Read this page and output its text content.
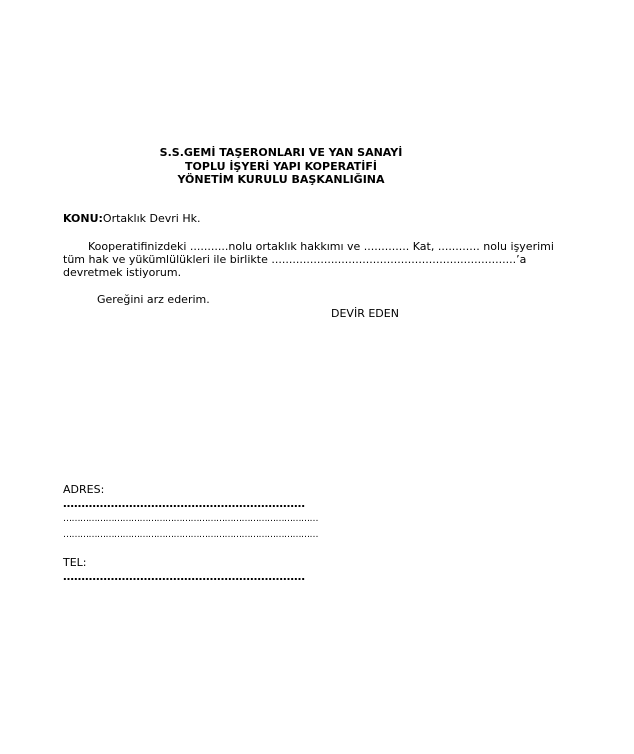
S.S.GEMİ TAŞERONLARI VE YAN SANAYİ
TOPLU İŞYERİ YAPI KOPERATİFİ
YÖNETİM KURULU BAŞKANLIĞINA
KONU:Ortaklık Devri Hk.
Kooperatifinizdeki ...........nolu ortaklık hakkımı ve ............. Kat, ............ nolu işyerimi
tüm hak ve yükümlülükleri ile birlikte ......................................................................’a
devretmek istiyorum.
Gereğini arz ederim.
DEVİR EDEN
ADRES:
…………………………………………………………
………………………………………………………………………………
………………………………………………………………………………
TEL:
…………………………………………………………
